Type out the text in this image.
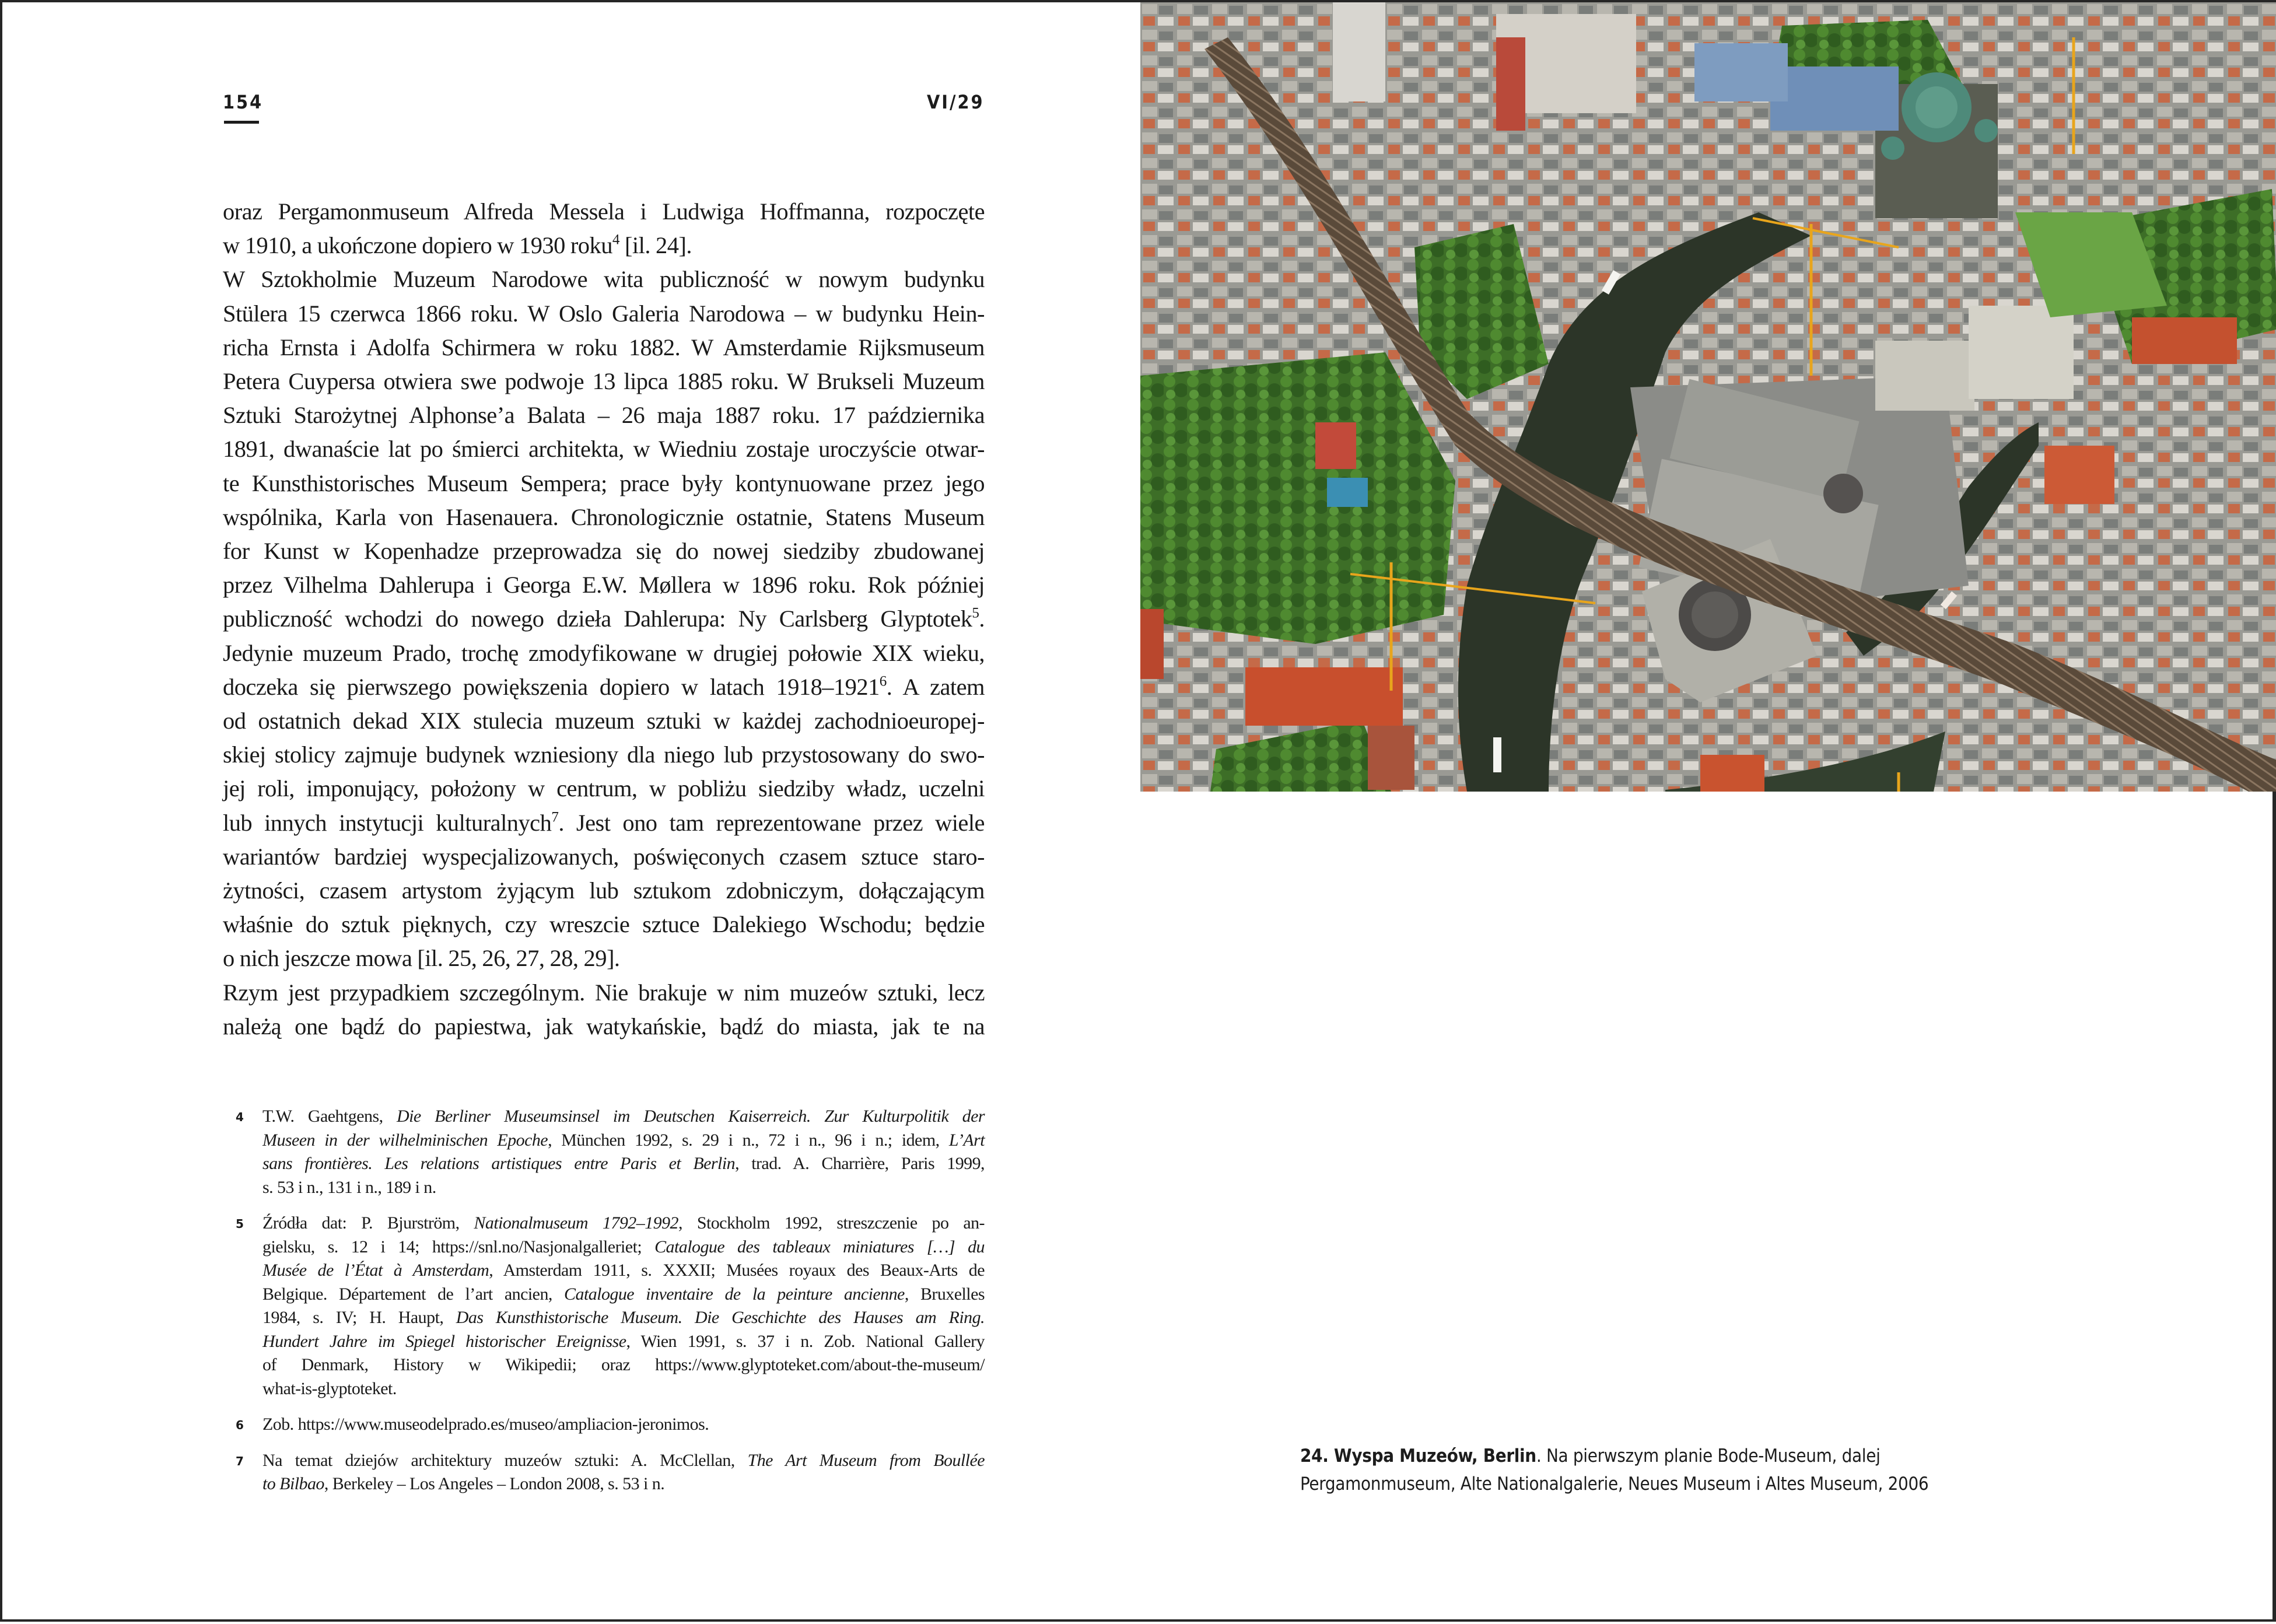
154	VI/29
oraz Pergamonmuseum Alfreda Messela i Ludwiga Hoffmanna, rozpoczęte
w 1910, a ukończone dopiero w 1930 roku$^4$ [il. 24].
W Sztokholmie Muzeum Narodowe wita publiczność w nowym budynku
Stülera 15 czerwca 1866 roku. W Oslo Galeria Narodowa – w budynku Hein-
richa Ernsta i Adolfa Schirmera w roku 1882. W Amsterdamie Rijksmuseum
Petera Cuypersa otwiera swe podwoje 13 lipca 1885 roku. W Brukseli Muzeum
Sztuki Starożytnej Alphonse’a Balata – 26 maja 1887 roku. 17 października
1891, dwanaście lat po śmierci architekta, w Wiedniu zostaje uroczyście otwar-
te Kunsthistorisches Museum Sempera; prace były kontynuowane przez jego
wspólnika, Karla von Hasenauera. Chronologicznie ostatnie, Statens Museum
for Kunst w Kopenhadze przeprowadza się do nowej siedziby zbudowanej
przez Vilhelma Dahlerupa i Georga E.W. Møllera w 1896 roku. Rok później
publiczność wchodzi do nowego dzieła Dahlerupa: Ny Carlsberg Glyptotek$^5$.
Jedynie muzeum Prado, trochę zmodyfikowane w drugiej połowie XIX wieku,
doczeka się pierwszego powiększenia dopiero w latach 1918–1921$^6$. A zatem
od ostatnich dekad XIX stulecia muzeum sztuki w każdej zachodnioeuropej-
skiej stolicy zajmuje budynek wzniesiony dla niego lub przystosowany do swo-
jej roli, imponujący, położony w centrum, w pobliżu siedziby władz, uczelni
lub innych instytucji kulturalnych$^7$. Jest ono tam reprezentowane przez wiele
wariantów bardziej wyspecjalizowanych, poświęconych czasem sztuce staro-
żytności, czasem artystom żyjącym lub sztukom zdobniczym, dołączającym
właśnie do sztuk pięknych, czy wreszcie sztuce Dalekiego Wschodu; będzie
o nich jeszcze mowa [il. 25, 26, 27, 28, 29].
Rzym jest przypadkiem szczególnym. Nie brakuje w nim muzeów sztuki, lecz
należą one bądź do papiestwa, jak watykańskie, bądź do miasta, jak te na
4 T.W. Gaehtgens, Die Berliner Museumsinsel im Deutschen Kaiserreich. Zur Kulturpolitik der
Museen in der wilhelminischen Epoche, München 1992, s. 29 i n., 72 i n., 96 i n.; idem, L’Art
sans frontières. Les relations artistiques entre Paris et Berlin, trad. A. Charrière, Paris 1999,
s. 53 i n., 131 i n., 189 i n.
5 Źródła dat: P. Bjurström, Nationalmuseum 1792–1992, Stockholm 1992, streszczenie po an-
gielsku, s. 12 i 14; https://snl.no/Nasjonalgalleriet; Catalogue des tableaux miniatures […] du
Musée de l’État à Amsterdam, Amsterdam 1911, s. XXXII; Musées royaux des Beaux-Arts de
Belgique. Département de l’art ancien, Catalogue inventaire de la peinture ancienne, Bruxelles
1984, s. IV; H. Haupt, Das Kunsthistorische Museum. Die Geschichte des Hauses am Ring.
Hundert Jahre im Spiegel historischer Ereignisse, Wien 1991, s. 37 i n. Zob. National Gallery
of Denmark, History w Wikipedii; oraz https://www.glyptoteket.com/about-the-museum/
what-is-glyptoteket.
6 Zob. https://www.museodelprado.es/museo/ampliacion-jeronimos.
7 Na temat dziejów architektury muzeów sztuki: A. McClellan, The Art Museum from Boullée
to Bilbao, Berkeley – Los Angeles – London 2008, s. 53 i n.
24. Wyspa Muzeów, Berlin. Na pierwszym planie Bode-Museum, dalej
Pergamonmuseum, Alte Nationalgalerie, Neues Museum i Altes Museum, 2006
